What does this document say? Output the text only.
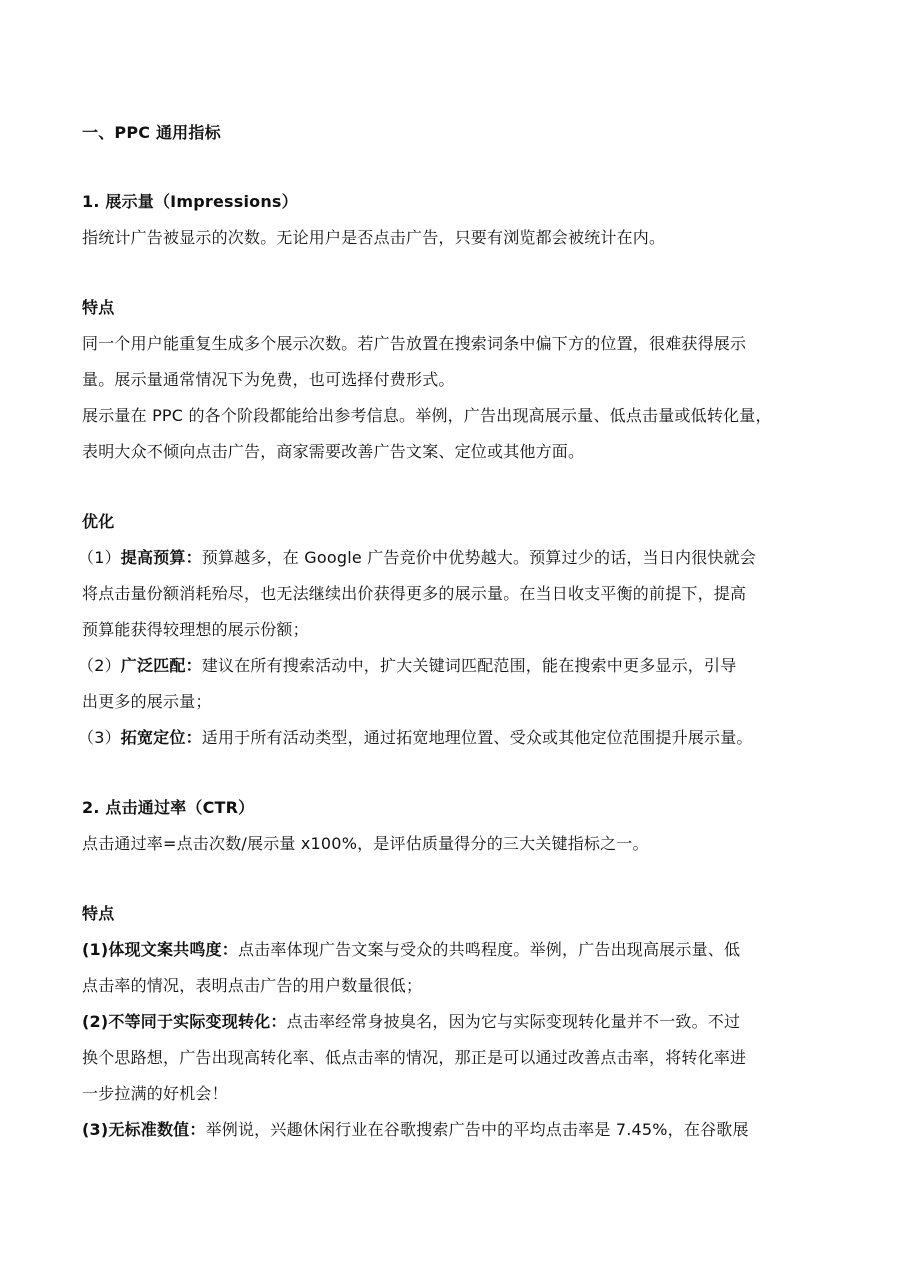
一、PPC 通用指标
1. 展示量（Impressions）
指统计广告被显示的次数。无论用户是否点击广告，只要有浏览都会被统计在内。
特点
同一个用户能重复生成多个展示次数。若广告放置在搜索词条中偏下方的位置，很难获得展示
量。展示量通常情况下为免费，也可选择付费形式。
展示量在 PPC 的各个阶段都能给出参考信息。举例，广告出现高展示量、低点击量或低转化量，
表明大众不倾向点击广告，商家需要改善广告文案、定位或其他方面。
优化
（1）提高预算：预算越多，在 Google 广告竞价中优势越大。预算过少的话，当日内很快就会
将点击量份额消耗殆尽，也无法继续出价获得更多的展示量。在当日收支平衡的前提下，提高
预算能获得较理想的展示份额；
（2）广泛匹配：建议在所有搜索活动中，扩大关键词匹配范围，能在搜索中更多显示，引导
出更多的展示量；
（3）拓宽定位：适用于所有活动类型，通过拓宽地理位置、受众或其他定位范围提升展示量。
2. 点击通过率（CTR）
点击通过率=点击次数/展示量 x100%，是评估质量得分的三大关键指标之一。
特点
(1)体现文案共鸣度：点击率体现广告文案与受众的共鸣程度。举例，广告出现高展示量、低
点击率的情况，表明点击广告的用户数量很低；
(2)不等同于实际变现转化：点击率经常身披臭名，因为它与实际变现转化量并不一致。不过
换个思路想，广告出现高转化率、低点击率的情况，那正是可以通过改善点击率，将转化率进
一步拉满的好机会！
(3)无标准数值：举例说，兴趣休闲行业在谷歌搜索广告中的平均点击率是 7.45%，在谷歌展
